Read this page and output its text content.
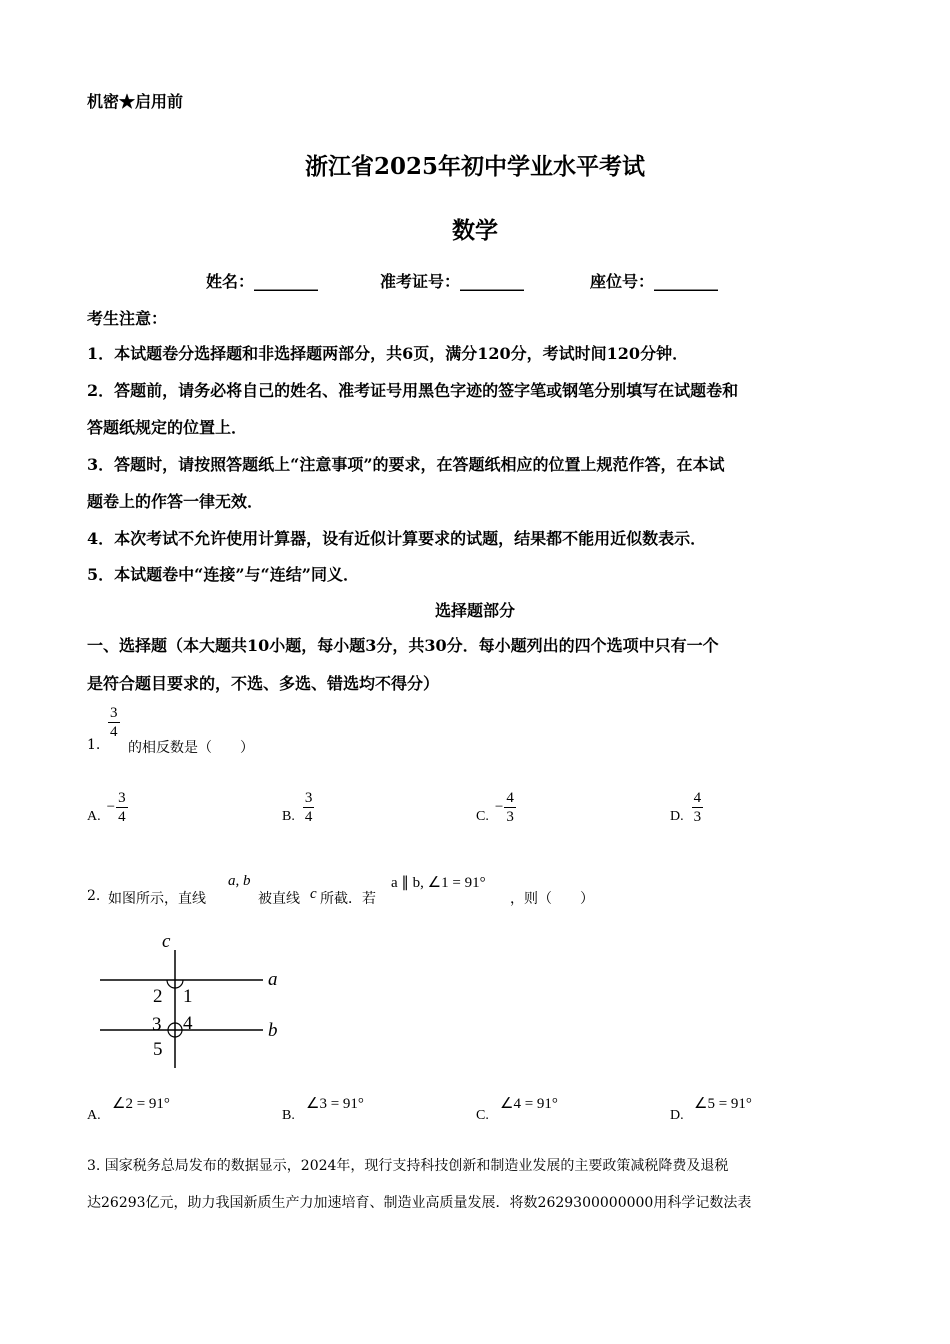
机密★启用前
浙江省2025年初中学业水平考试
数学
姓名：________	准考证号：________	座位号：________
考生注意：
1．本试题卷分选择题和非选择题两部分，共6页，满分120分，考试时间120分钟．
2．答题前，请务必将自己的姓名、准考证号用黑色字迹的签字笔或钢笔分别填写在试题卷和
答题纸规定的位置上．
3．答题时，请按照答题纸上“注意事项”的要求，在答题纸相应的位置上规范作答，在本试
题卷上的作答一律无效．
4．本次考试不允许使用计算器，设有近似计算要求的试题，结果都不能用近似数表示．
5．本试题卷中“连接”与“连结”同义．
选择题部分
一、选择题（本大题共10小题，每小题3分，共30分．每小题列出的四个选项中只有一个
是符合题目要求的，不选、多选、错选均不得分）
1.
$\frac{3}{4}$
的相反数是（　　）
A.
− $\frac{3}{4}$	B. $\frac{3}{4}$	C.
− $\frac{4}{3}$	D. $\frac{4}{3}$
2. 如图所示，直线
a, b
被直线 c 所截．若
a ∥ b, ∠1 = 91°
，则（　　）
c
a
b
1
2
3 4
5
A.
∠2 = 91°
B.
∠3 = 91°
C.
∠4 = 91°
D.
∠5 = 91°
3. 国家税务总局发布的数据显示，2024年，现行支持科技创新和制造业发展的主要政策减税降费及退税
达26293亿元，助力我国新质生产力加速培育、制造业高质量发展．将数2629300000000用科学记数法表
